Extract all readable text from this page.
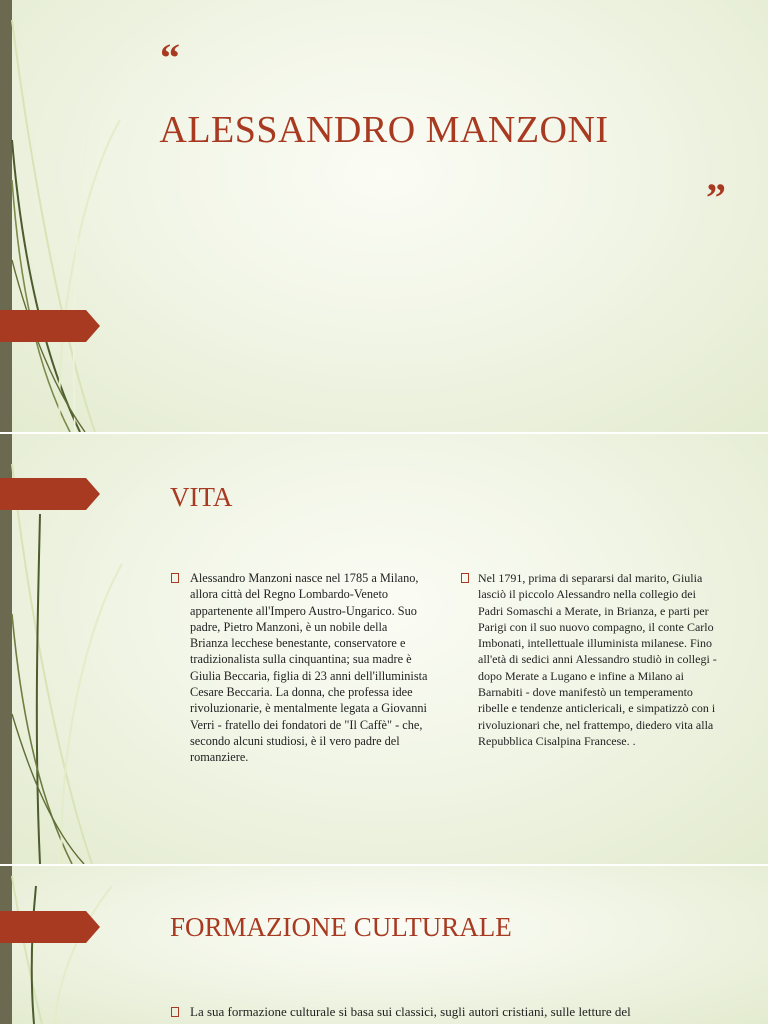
“
ALESSANDRO MANZONI
”
VITA
Alessandro Manzoni nasce nel 1785 a Milano, allora città del Regno Lombardo-Veneto appartenente all'Impero Austro-Ungarico. Suo padre, Pietro Manzoni, è un nobile della Brianza lecchese benestante, conservatore e tradizionalista sulla cinquantina; sua madre è Giulia Beccaria, figlia di 23 anni dell'illuminista Cesare Beccaria. La donna, che professa idee rivoluzionarie, è mentalmente legata a Giovanni Verri - fratello dei fondatori de "Il Caffè" - che, secondo alcuni studiosi, è il vero padre del romanziere.
Nel 1791, prima di separarsi dal marito, Giulia lasciò il piccolo Alessandro nella collegio dei Padri Somaschi a Merate, in Brianza, e parti per Parigi con il suo nuovo compagno, il conte Carlo Imbonati, intellettuale illuminista milanese. Fino all'età di sedici anni Alessandro studiò in collegi - dopo Merate a Lugano e infine a Milano ai Barnabiti - dove manifestò un temperamento ribelle e tendenze anticlericali, e simpatizzò con i rivoluzionari che, nel frattempo, diedero vita alla Repubblica Cisalpina Francese. .
FORMAZIONE CULTURALE
La sua formazione culturale si basa sui classici, sugli autori cristiani, sulle letture del
